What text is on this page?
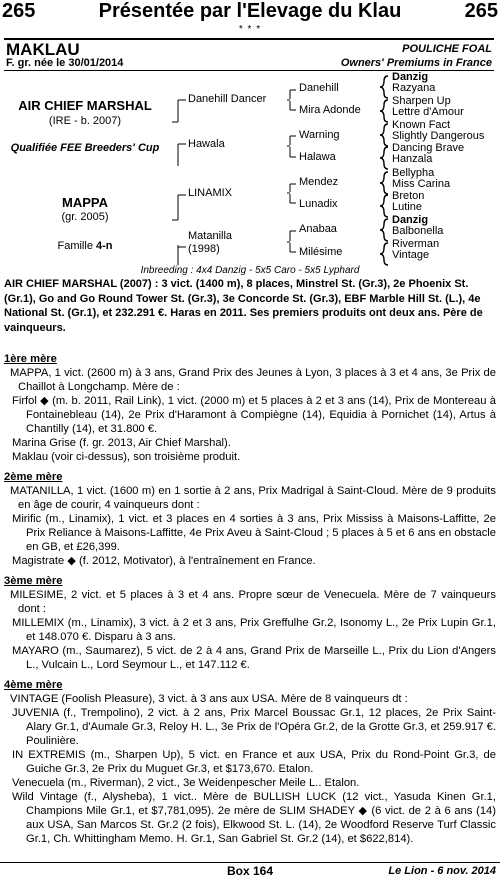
265	Présentée par l'Elevage du Klau	265
* * *
MAKLAU	POULICHE FOAL
F. gr. née le 30/01/2014	Owners' Premiums in France
AIR CHIEF MARSHAL
(IRE - b. 2007)
Qualifiée FEE Breeders' Cup
MAPPA
(gr. 2005)
Famille 4-n
Danehill Dancer
Hawala
LINAMIX
Matanilla
(1998)
Danehill
Mira Adonde
Warning
Halawa
Mendez
Lunadix
Anabaa
Milésime
Danzig
Razyana
Sharpen Up
Lettre d'Amour
Known Fact
Slightly Dangerous
Dancing Brave
Hanzala
Bellypha
Miss Carina
Breton
Lutine
Danzig
Balbonella
Riverman
Vintage
Inbreeding : 4x4 Danzig - 5x5 Caro - 5x5 Lyphard
AIR CHIEF MARSHAL (2007) : 3 vict. (1400 m), 8 places, Minstrel St. (Gr.3), 2e Phoenix St. (Gr.1), Go and Go Round Tower St. (Gr.3), 3e Concorde St. (Gr.3), EBF Marble Hill St. (L.), 4e National St. (Gr.1), et 232.291 €. Haras en 2011. Ses premiers produits ont deux ans. Père de vainqueurs.

1ère mère

MAPPA, 1 vict. (2600 m) à 3 ans, Grand Prix des Jeunes à Lyon, 3 places à 3 et 4 ans, 3e Prix de Chaillot à Longchamp. Mère de :

Firfol ◆ (m. b. 2011, Rail Link), 1 vict. (2000 m) et 5 places à 2 et 3 ans (14), Prix de Montereau à Fontainebleau (14), 2e Prix d'Haramont à Compiègne (14), Equidia à Pornichet (14), Artus à Chantilly (14), et 31.800 €.

Marina Grise (f. gr. 2013, Air Chief Marshal).

Maklau (voir ci-dessus), son troisième produit.

2ème mère

MATANILLA, 1 vict. (1600 m) en 1 sortie à 2 ans, Prix Madrigal à Saint-Cloud. Mère de 9 produits en âge de courir, 4 vainqueurs dont :

Mirific (m., Linamix), 1 vict. et 3 places en 4 sorties à 3 ans, Prix Mississ à Maisons-Laffitte, 2e Prix Reliance à Maisons-Laffitte, 4e Prix Aveu à Saint-Cloud ; 5 places à 5 et 6 ans en obstacle en GB, et £26,399.

Magistrate ◆ (f. 2012, Motivator), à l'entraînement en France.

3ème mère

MILESIME, 2 vict. et 5 places à 3 et 4 ans. Propre sœur de Venecuela. Mère de 7 vainqueurs dont :

MILLEMIX (m., Linamix), 3 vict. à 2 et 3 ans, Prix Greffulhe Gr.2, Isonomy L., 2e Prix Lupin Gr.1, et 148.070 €. Disparu à 3 ans.

MAYARO (m., Saumarez), 5 vict. de 2 à 4 ans, Grand Prix de Marseille L., Prix du Lion d'Angers L., Vulcain L., Lord Seymour L., et 147.112 €.

4ème mère

VINTAGE (Foolish Pleasure), 3 vict. à 3 ans aux USA. Mère de 8 vainqueurs dt :

JUVENIA (f., Trempolino), 2 vict. à 2 ans, Prix Marcel Boussac Gr.1, 12 places, 2e Prix Saint-Alary Gr.1, d'Aumale Gr.3, Reloy H. L., 3e Prix de l'Opéra Gr.2, de la Grotte Gr.3, et 259.917 €. Poulinière.

IN EXTREMIS (m., Sharpen Up), 5 vict. en France et aux USA, Prix du Rond-Point Gr.3, de Guiche Gr.3, 2e Prix du Muguet Gr.3, et $173,670. Etalon.

Venecuela (m., Riverman), 2 vict., 3e Weidenpescher Meile L.. Etalon.

Wild Vintage (f., Alysheba), 1 vict.. Mère de BULLISH LUCK (12 vict., Yasuda Kinen Gr.1, Champions Mile Gr.1, et $7,781,095). 2e mère de SLIM SHADEY ◆ (6 vict. de 2 à 6 ans (14) aux USA, San Marcos St. Gr.2 (2 fois), Elkwood St. L. (14), 2e Woodford Reserve Turf Classic Gr.1, Ch. Whittingham Memo. H. Gr.1, San Gabriel St. Gr.2 (14), et $622,814).

Box 164	Le Lion - 6 nov. 2014
